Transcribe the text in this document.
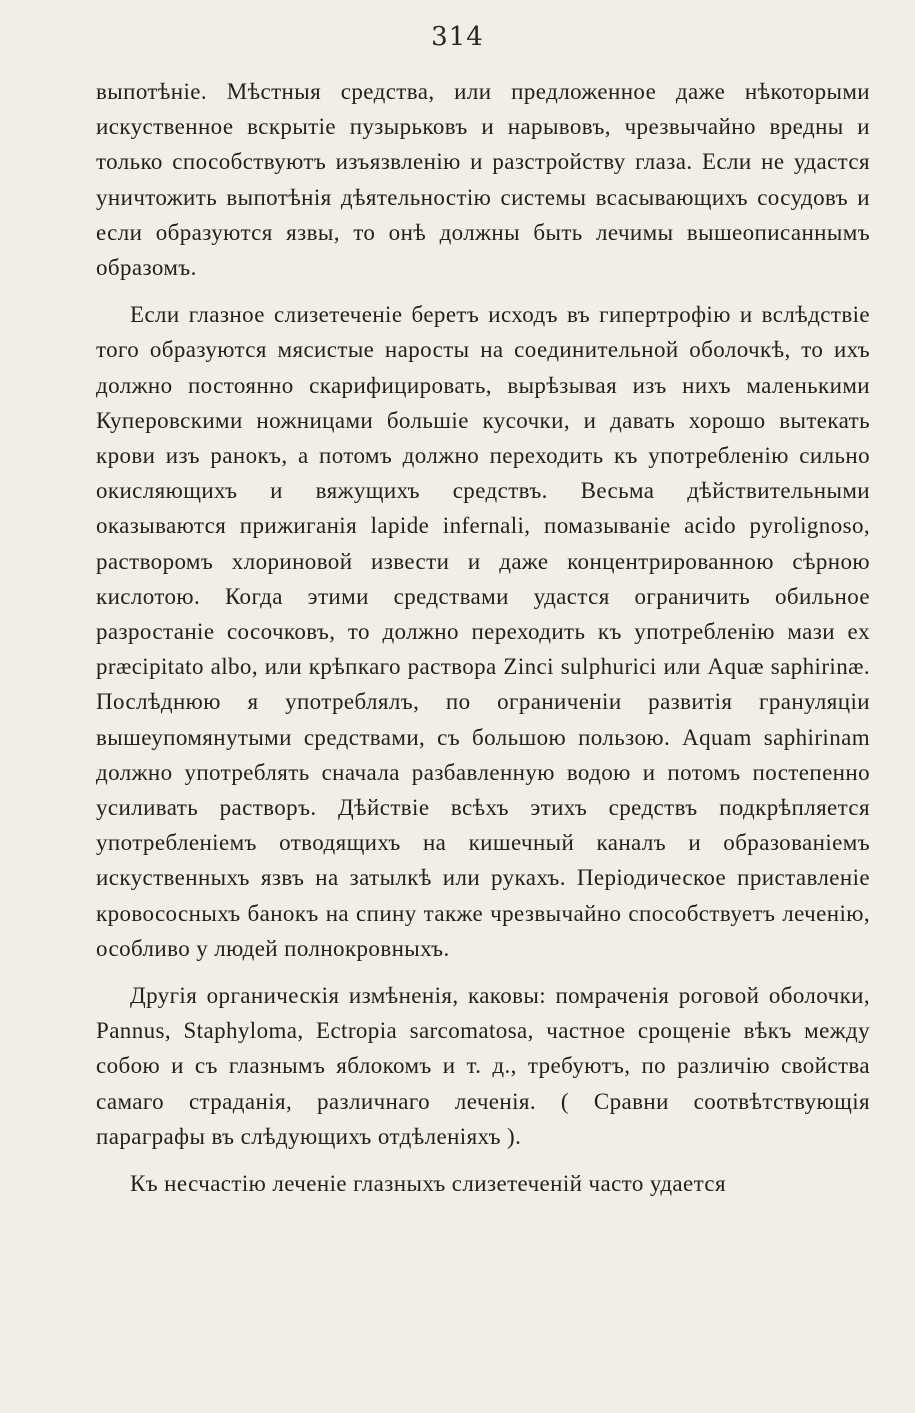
314

выпотѣніе. Мѣстныя средства, или предложенное даже нѣкоторыми искуственное вскрытіе пузырьковъ и нарывовъ, чрезвычайно вредны и только способствуютъ изъязвленію и разстройству глаза. Если не удастся уничтожить выпотѣнія дѣятельностію системы всасывающихъ сосудовъ и если образуются язвы, то онѣ должны быть лечимы вышеописаннымъ образомъ.

Если глазное слизетеченіе беретъ исходъ въ гипертрофію и вслѣдствіе того образуются мясистые наросты на соединительной оболочкѣ, то ихъ должно постоянно скарифицировать, вырѣзывая изъ нихъ маленькими Куперовскими ножницами большіе кусочки, и давать хорошо вытекать крови изъ ранокъ, а потомъ должно переходить къ употребленію сильно окисляющихъ и вяжущихъ средствъ. Весьма дѣйствительными оказываются прижиганія lapide infernali, помазываніе acido pyrolignoso, растворомъ хлориновой извести и даже концентрированною сѣрною кислотою. Когда этими средствами удастся ограничить обильное разростаніе сосочковъ, то должно переходить къ употребленію мази ex præcipitato albo, или крѣпкаго раствора Zinci sulphurici или Aquæ saphirinæ. Послѣднюю я употреблялъ, по ограниченіи развитія грануляціи вышеупомянутыми средствами, съ большою пользою. Aquam saphirinam должно употреблять сначала разбавленную водою и потомъ постепенно усиливать растворъ. Дѣйствіе всѣхъ этихъ средствъ подкрѣпляется употребленіемъ отводящихъ на кишечный каналъ и образованіемъ искуственныхъ язвъ на затылкѣ или рукахъ. Періодическое приставленіе кровососныхъ банокъ на спину также чрезвычайно способствуетъ леченію, особливо у людей полнокровныхъ.

Другія органическія измѣненія, каковы: помраченія роговой оболочки, Pannus, Staphyloma, Ectropia sarcomatosa, частное срощеніе вѣкъ между собою и съ глазнымъ яблокомъ и т. д., требуютъ, по различію свойства самаго страданія, различнаго леченія. ( Сравни соотвѣтствующія параграфы въ слѣдующихъ отдѣленіяхъ ).

Къ несчастію леченіе глазныхъ слизетеченій часто удается
